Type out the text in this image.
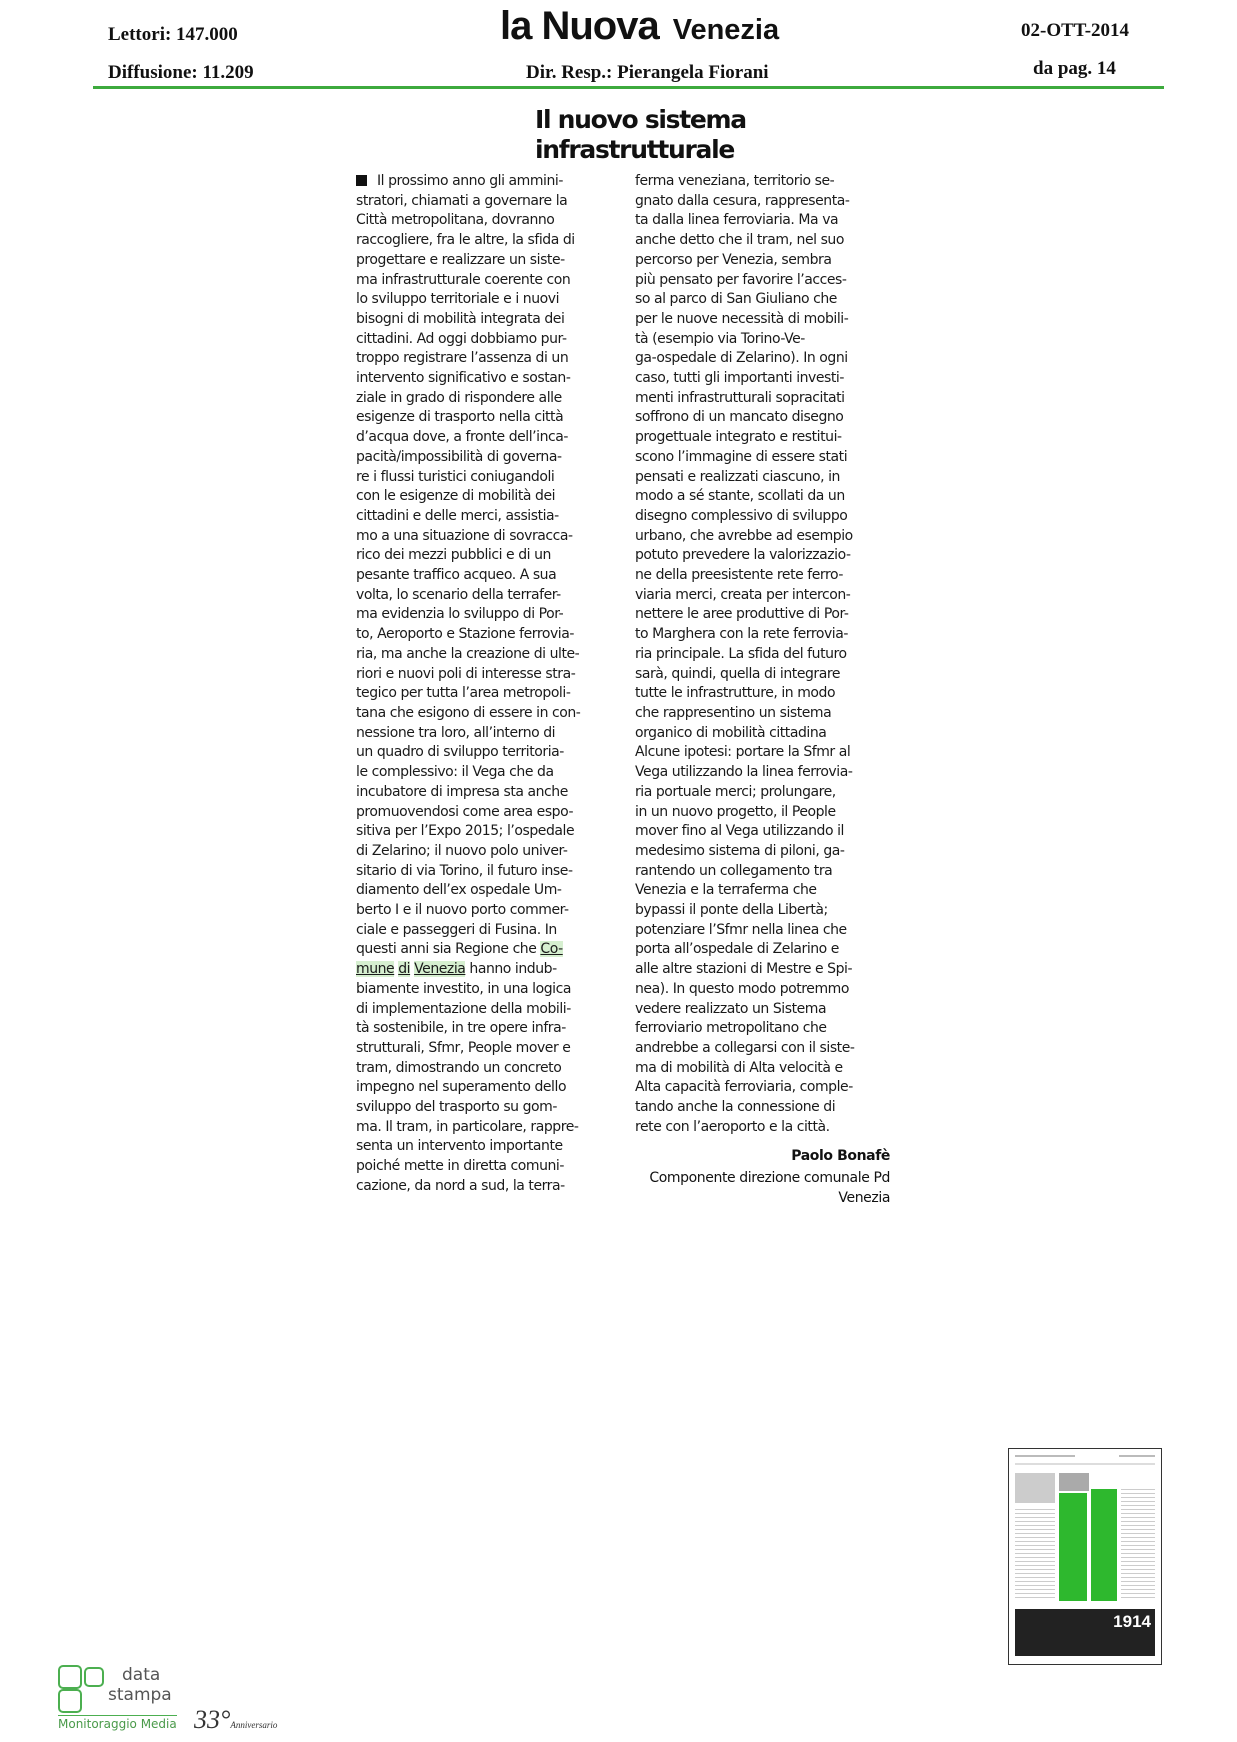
Lettori: 147.000
Diffusione: 11.209
la Nuova Venezia
Dir. Resp.: Pierangela Fiorani
02-OTT-2014
da pag. 14
Il nuovo sistema
infrastrutturale
Il prossimo anno gli ammini-
stratori, chiamati a governare la
Città metropolitana, dovranno
raccogliere, fra le altre, la sfida di
progettare e realizzare un siste-
ma infrastrutturale coerente con
lo sviluppo territoriale e i nuovi
bisogni di mobilità integrata dei
cittadini. Ad oggi dobbiamo pur-
troppo registrare l’assenza di un
intervento significativo e sostan-
ziale in grado di rispondere alle
esigenze di trasporto nella città
d’acqua dove, a fronte dell’inca-
pacità/impossibilità di governa-
re i flussi turistici coniugandoli
con le esigenze di mobilità dei
cittadini e delle merci, assistia-
mo a una situazione di sovracca-
rico dei mezzi pubblici e di un
pesante traffico acqueo. A sua
volta, lo scenario della terrafer-
ma evidenzia lo sviluppo di Por-
to, Aeroporto e Stazione ferrovia-
ria, ma anche la creazione di ulte-
riori e nuovi poli di interesse stra-
tegico per tutta l’area metropoli-
tana che esigono di essere in con-
nessione tra loro, all’interno di
un quadro di sviluppo territoria-
le complessivo: il Vega che da
incubatore di impresa sta anche
promuovendosi come area espo-
sitiva per l’Expo 2015; l’ospedale
di Zelarino; il nuovo polo univer-
sitario di via Torino, il futuro inse-
diamento dell’ex ospedale Um-
berto I e il nuovo porto commer-
ciale e passeggeri di Fusina. In
questi anni sia Regione che Co-
mune di Venezia hanno indub-
biamente investito, in una logica
di implementazione della mobili-
tà sostenibile, in tre opere infra-
strutturali, Sfmr, People mover e
tram, dimostrando un concreto
impegno nel superamento dello
sviluppo del trasporto su gom-
ma. Il tram, in particolare, rappre-
senta un intervento importante
poiché mette in diretta comuni-
cazione, da nord a sud, la terra-
ferma veneziana, territorio se-
gnato dalla cesura, rappresenta-
ta dalla linea ferroviaria. Ma va
anche detto che il tram, nel suo
percorso per Venezia, sembra
più pensato per favorire l’acces-
so al parco di San Giuliano che
per le nuove necessità di mobili-
tà (esempio via Torino-Ve-
ga-ospedale di Zelarino). In ogni
caso, tutti gli importanti investi-
menti infrastrutturali sopracitati
soffrono di un mancato disegno
progettuale integrato e restitui-
scono l’immagine di essere stati
pensati e realizzati ciascuno, in
modo a sé stante, scollati da un
disegno complessivo di sviluppo
urbano, che avrebbe ad esempio
potuto prevedere la valorizzazio-
ne della preesistente rete ferro-
viaria merci, creata per intercon-
nettere le aree produttive di Por-
to Marghera con la rete ferrovia-
ria principale. La sfida del futuro
sarà, quindi, quella di integrare
tutte le infrastrutture, in modo
che rappresentino un sistema
organico di mobilità cittadina
Alcune ipotesi: portare la Sfmr al
Vega utilizzando la linea ferrovia-
ria portuale merci; prolungare,
in un nuovo progetto, il People
mover fino al Vega utilizzando il
medesimo sistema di piloni, ga-
rantendo un collegamento tra
Venezia e la terraferma che
bypassi il ponte della Libertà;
potenziare l’Sfmr nella linea che
porta all’ospedale di Zelarino e
alle altre stazioni di Mestre e Spi-
nea). In questo modo potremmo
vedere realizzato un Sistema
ferroviario metropolitano che
andrebbe a collegarsi con il siste-
ma di mobilità di Alta velocità e
Alta capacità ferroviaria, comple-
tando anche la connessione di
rete con l’aeroporto e la città.
Paolo Bonafè
Componente direzione comunale Pd
Venezia
1914
data
stampa
Monitoraggio Media 33°Anniversario
